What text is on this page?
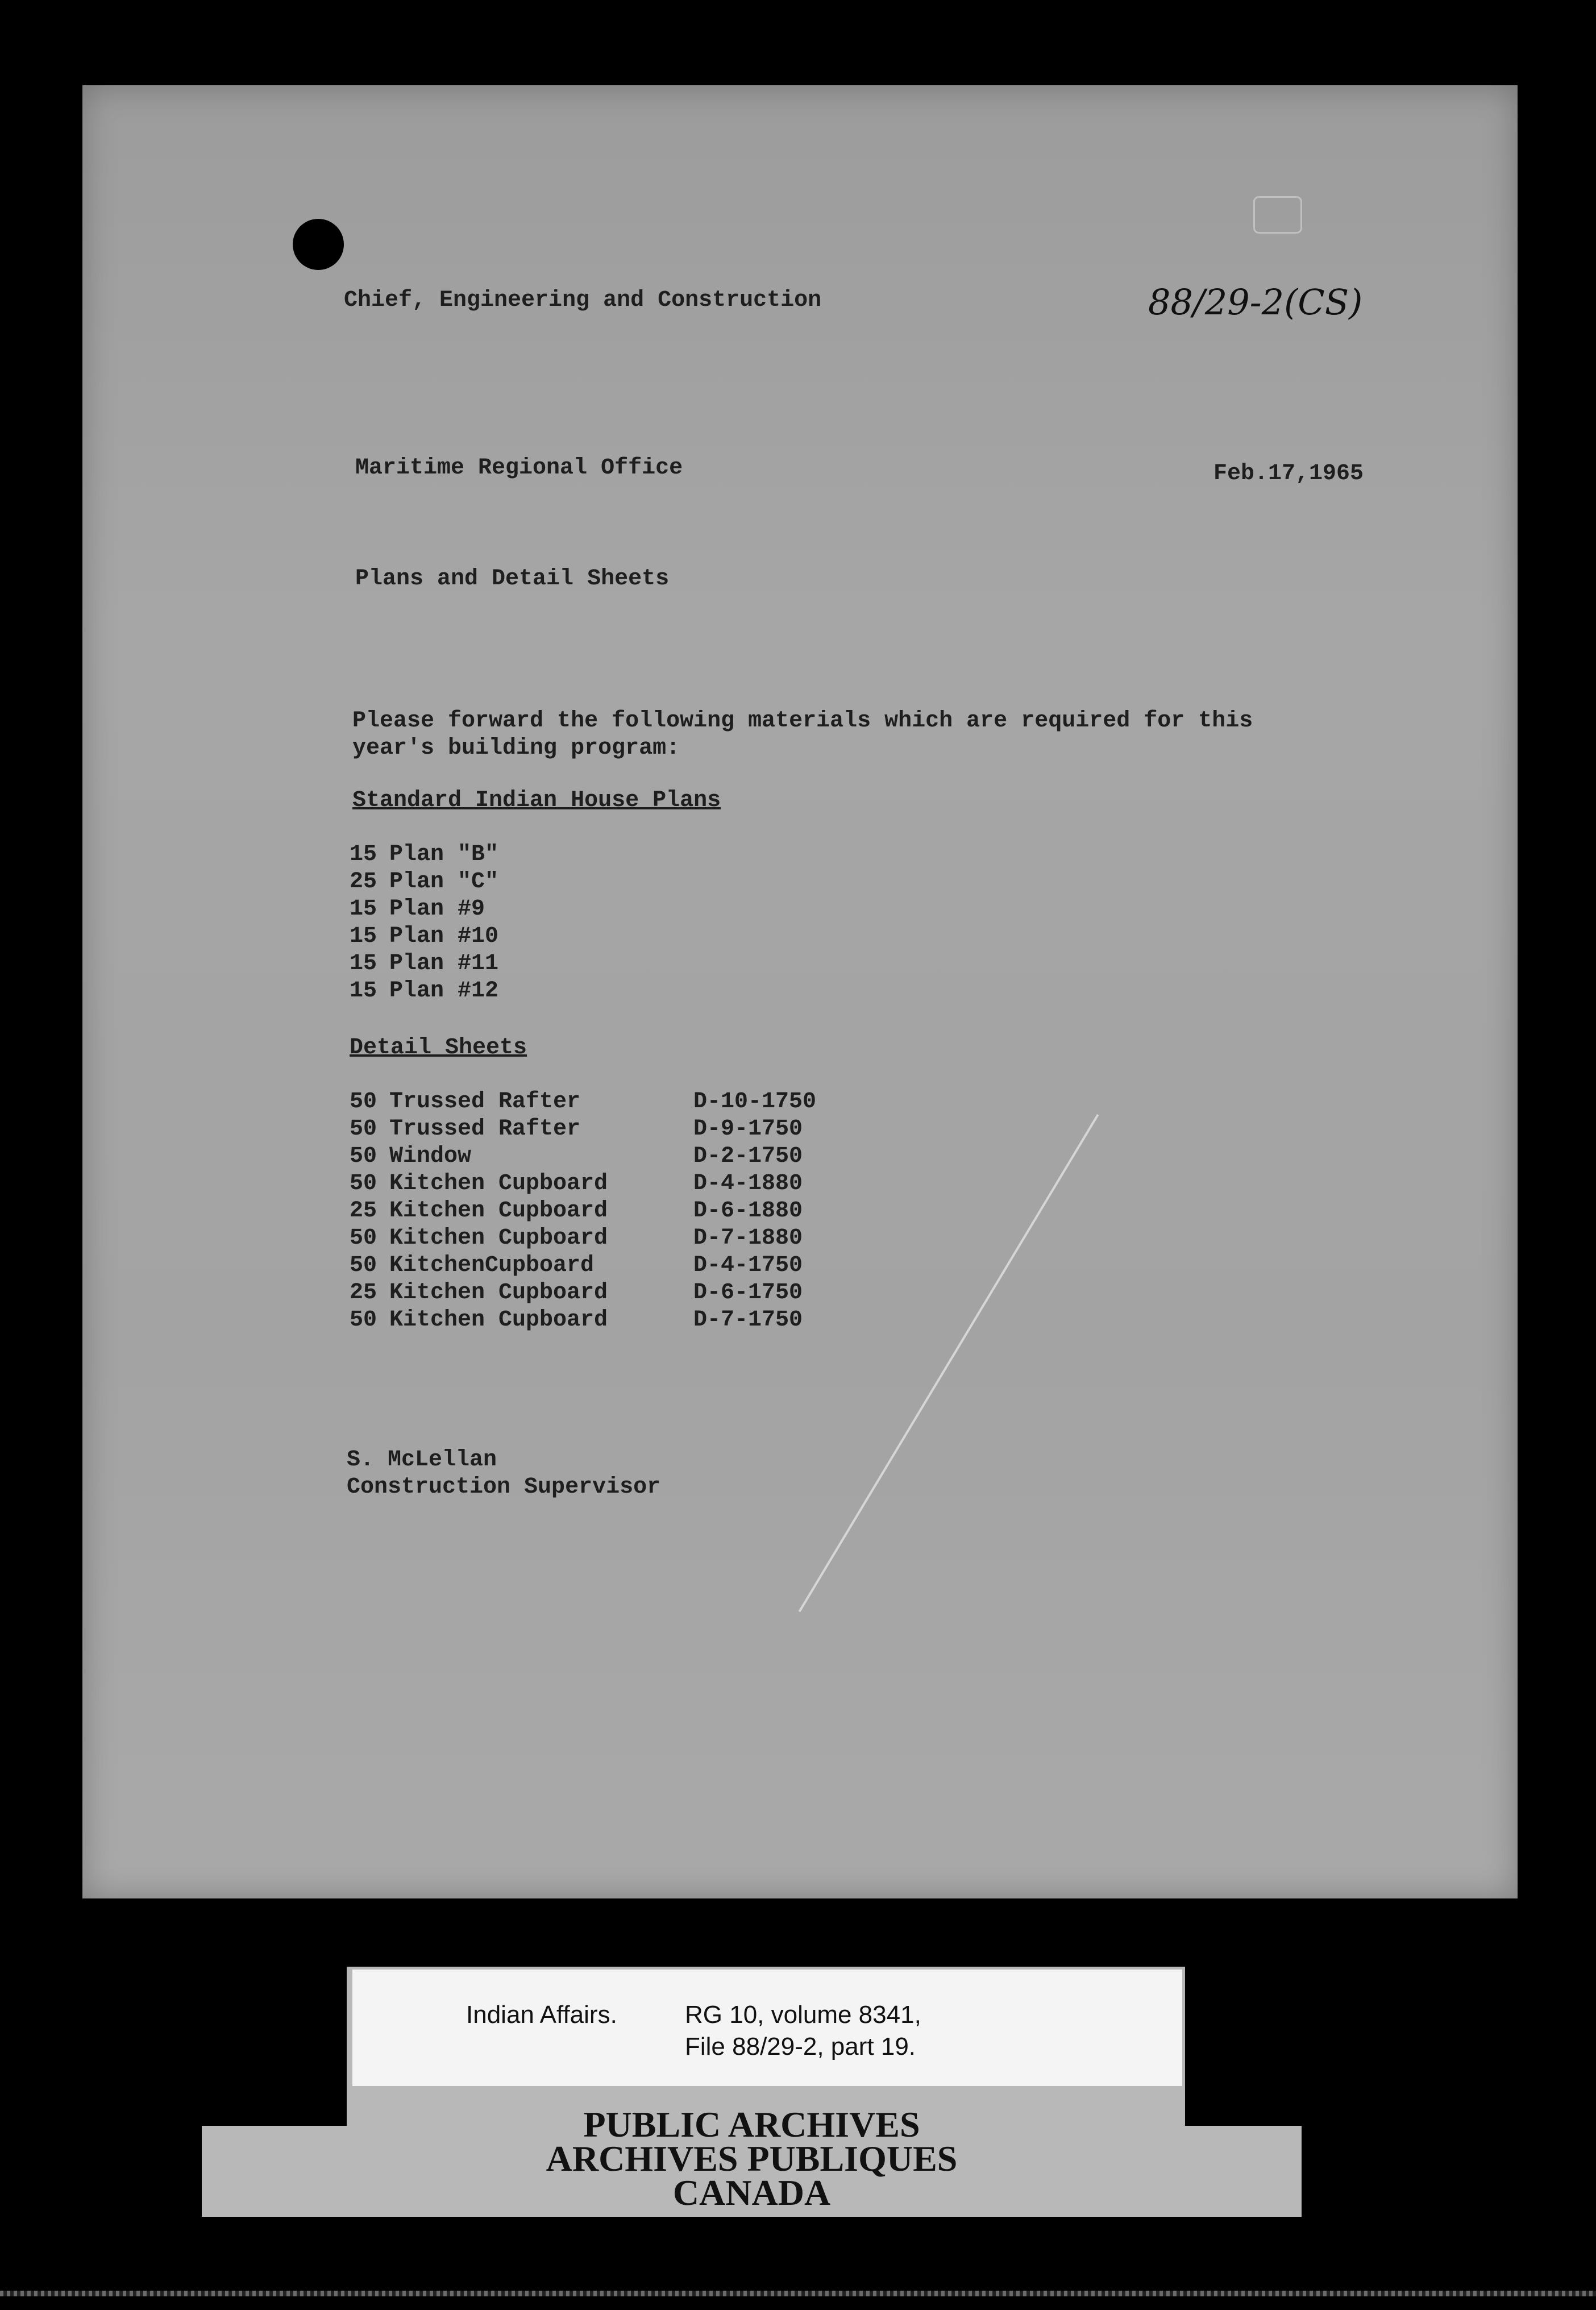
Chief, Engineering and Construction	88/29-2(CS)

Maritime Regional Office	Feb.17,1965

Plans and Detail Sheets

Please forward the following materials which are required for this

year's building program:

Standard Indian House Plans

15 Plan "B"
25 Plan "C"
15 Plan #9
15 Plan #10
15 Plan #11
15 Plan #12

Detail Sheets

50 Trussed Rafter	D-10-1750
50 Trussed Rafter	D-9-1750
50 Window	D-2-1750
50 Kitchen Cupboard	D-4-1880
25 Kitchen Cupboard	D-6-1880
50 Kitchen Cupboard	D-7-1880
50 KitchenCupboard	D-4-1750
25 Kitchen Cupboard	D-6-1750
50 Kitchen Cupboard	D-7-1750

S. McLellan

Construction Supervisor

Indian Affairs.	RG 10, volume 8341,

File 88/29-2, part 19.

PUBLIC ARCHIVES

ARCHIVES PUBLIQUES

CANADA
